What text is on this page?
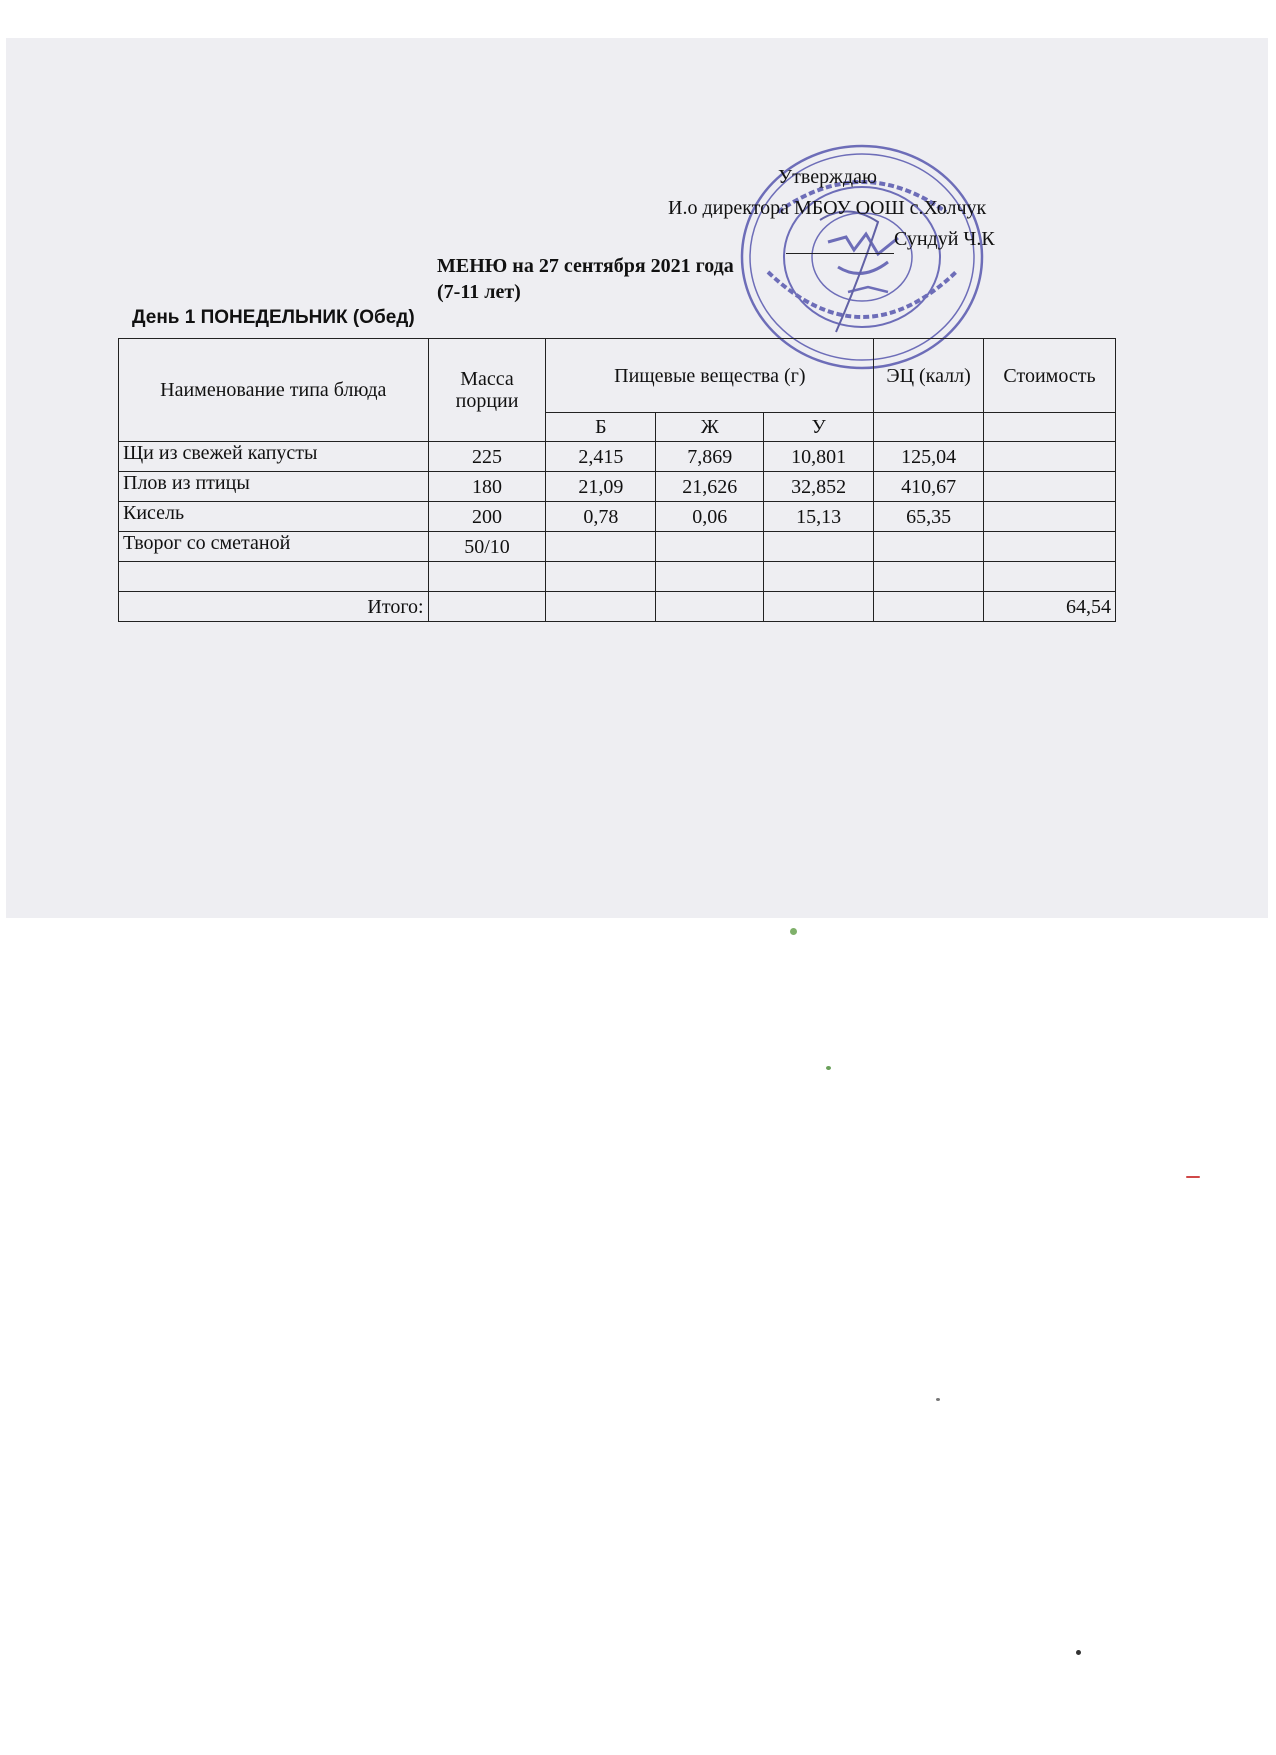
Утверждаю
И.о директора МБОУ ООШ с.Холчук
Сундуй Ч.К
МЕНЮ на 27 сентября 2021 года
(7-11 лет)
День 1 ПОНЕДЕЛЬНИК (Обед)
Наименование типа блюда	Масса порции	Пищевые вещества (г)			ЭЦ (калл)	Стоимость
		Б	Ж	У		
Щи из свежей капусты	225	2,415	7,869	10,801	125,04	
Плов из птицы	180	21,09	21,626	32,852	410,67	
Кисель	200	0,78	0,06	15,13	65,35	
Творог со сметаной	50/10					

Итого:						64,54
